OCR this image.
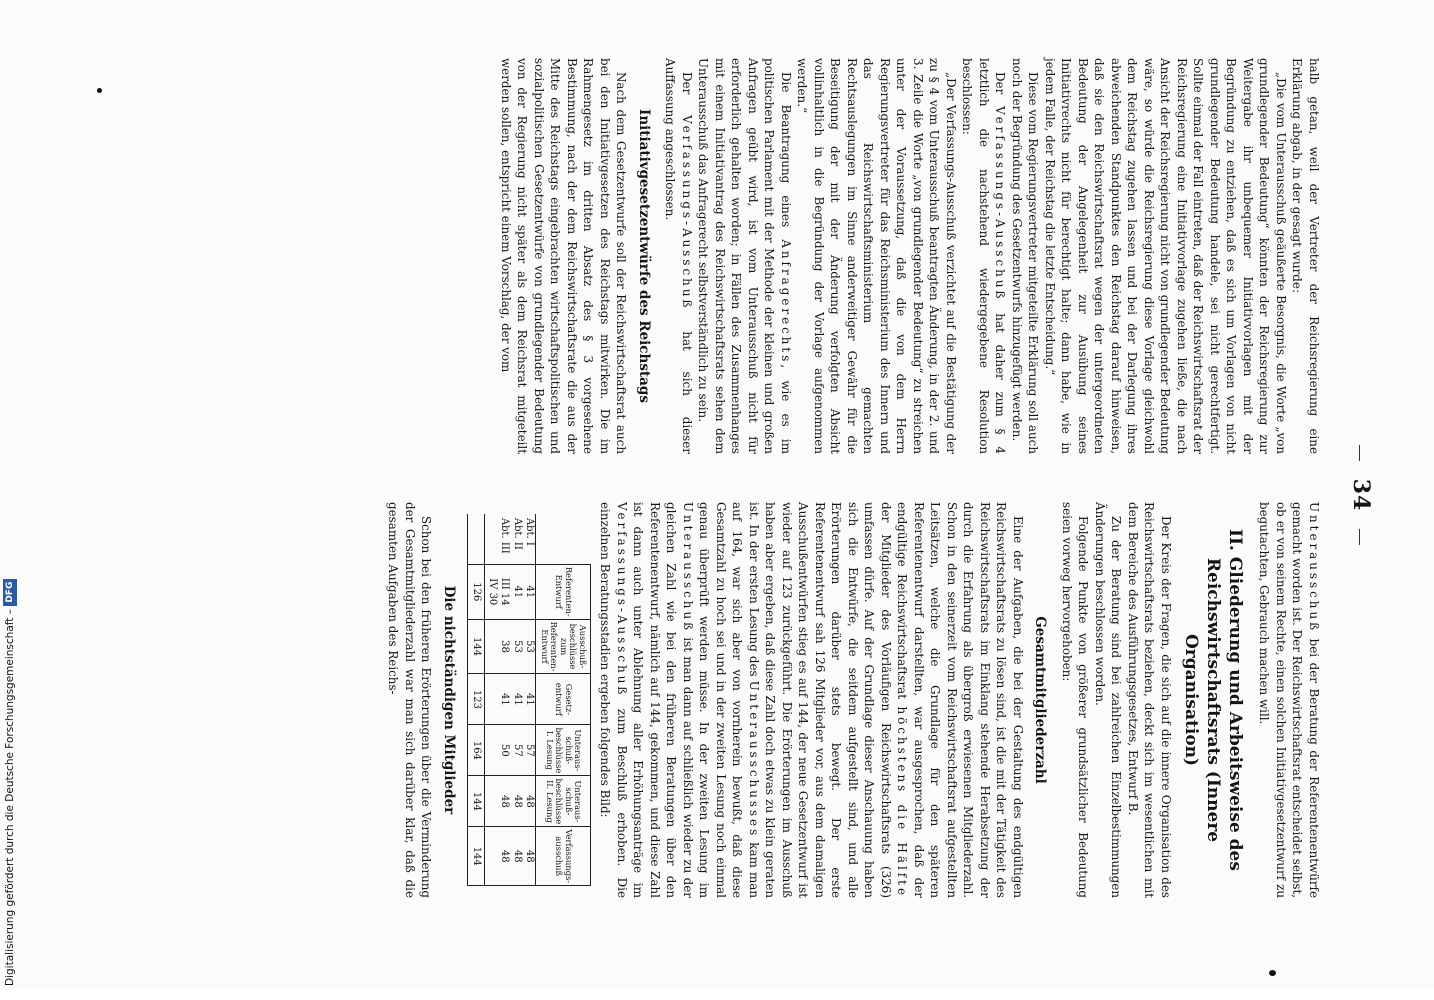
34

halb getan, weil der Vertreter der Reichsregierung eine Erklärung abgab, in der gesagt wurde:

„Die vom Unterausschuß geäußerte Besorgnis, die Worte „von grundlegender Bedeutung“ könnten der Reichsregierung zur Weitergabe ihr unbequemer Initiativvorlagen mit der Begründung zu entziehen, daß es sich um Vorlagen von nicht grundlegender Bedeutung handele, sei nicht gerechtfertigt. Sollte einmal der Fall eintreten, daß der Reichswirtschaftsrat der Reichsregierung eine Initiativvorlage zugehen ließe, die nach Ansicht der Reichsregierung nicht von grundlegender Bedeutung wäre, so würde die Reichsregierung diese Vorlage gleichwohl dem Reichstag zugehen lassen und bei der Darlegung ihres abweichenden Standpunktes den Reichstag darauf hinweisen, daß sie den Reichswirtschaftsrat wegen der untergeordneten Bedeutung der Angelegenheit zur Ausübung seines Initiativrechts nicht für berechtigt halte; dann habe, wie in jedem Falle, der Reichstag die letzte Entscheidung.“

Diese vom Regierungsvertreter mitgeteilte Erklärung soll auch noch der Begründung des Gesetzentwurfs hinzugefügt werden.

Der Verfassungs-Ausschuß hat daher zum § 4 letztlich die nachstehend wiedergegebene Resolution beschlossen:

„Der Verfassungs-Ausschuß verzichtet auf die Bestätigung der zu § 4 vom Unterausschuß beantragten Änderung, in der 2. und 3. Zeile die Worte „von grundlegender Bedeutung“ zu streichen unter der Voraussetzung, daß die von dem Herrn Regierungsvertreter für das Reichsministerium des Innern und das Reichswirtschaftsministerium gemachten Rechtsauslegungen im Sinne anderweitiger Gewähr für die Beseitigung der mit der Änderung verfolgten Absicht vollinhaltlich in die Begründung der Vorlage aufgenommen werden.“

Die Beantragung eines Anfragerechts, wie es im politischen Parlament mit der Methode der kleinen und großen Anfragen geübt wird, ist vom Unterausschuß nicht für erforderlich gehalten worden; in Fällen des Zusammenhanges mit einem Initiativantrag des Reichswirtschaftsrats sehen dem Unterausschuß das Anfragerecht selbstverständlich zu sein.

Der Verfassungs-Ausschuß hat sich dieser Auffassung angeschlossen.

Initiativgesetzentwürfe des Reichstags

Nach dem Gesetzentwurfe soll der Reichswirtschaftsrat auch bei den Initiativgesetzen des Reichstags mitwirken. Die im Rahmengesetz im dritten Absatz des § 3 vorgesehene Bestimmung, nach der dem Reichswirtschaftsrate die aus der Mitte des Reichstags eingebrachten wirtschaftspolitischen und sozialpolitischen Gesetzentwürfe von grundlegender Bedeutung von der Regierung nicht später als dem Reichsrat mitgeteilt werden sollen, entspricht einem Vorschlag, der vom

Unterausschuß bei der Beratung der Referentenentwürfe gemacht worden ist. Der Reichswirtschaftsrat entscheidet selbst, ob er von seinem Rechte, einen solchen Initiativgesetzentwurf zu begutachten, Gebrauch machen will.

II. Gliederung und Arbeitsweise des Reichswirtschaftsrats (Innere Organisation)

Der Kreis der Fragen, die sich auf die innere Organisation des Reichswirtschaftsrats beziehen, deckt sich im wesentlichen mit dem Bereiche des Ausführungsgesetzes, Entwurf B.

Zu der Beratung sind bei zahlreichen Einzelbestimmungen Änderungen beschlossen worden.

Folgende Punkte von größerer grundsätzlicher Bedeutung seien vorweg hervorgehoben:

Gesamtmitgliederzahl

Eine der Aufgaben, die bei der Gestaltung des endgültigen Reichswirtschaftsrats zu lösen sind, ist die mit der Tätigkeit des Reichswirtschaftsrats im Einklang stehende Herabsetzung der durch die Erfahrung als übergroß erwiesenen Mitgliederzahl. Schon in den seinerzeit vom Reichswirtschaftsrat aufgestellten Leitsätzen, welche die Grundlage für den späteren Referentenentwurf darstellten, war ausgesprochen, daß der endgültige Reichswirtschaftsrat höchstens die Hälfte der Mitglieder des Vorläufigen Reichswirtschaftsrats (326) umfassen dürfe. Auf der Grundlage dieser Anschauung haben sich die Entwürfe, die seitdem aufgestellt sind, und alle Erörterungen darüber stets bewegt. Der erste Referentenentwurf sah 126 Mitglieder vor, aus dem damaligen Ausschußentwürfen stieg es auf 144, der neue Gesetzentwurf ist wieder auf 123 zurückgeführt. Die Erörterungen im Ausschuß haben aber ergeben, daß diese Zahl doch etwas zu klein geraten ist. In der ersten Lesung des Unterausschusses kam man auf 164, war sich aber von vornherein bewußt, daß diese Gesamtzahl zu hoch sei und in der zweiten Lesung noch einmal genau überprüft werden müsse. In der zweiten Lesung im Unterausschuß ist man dann auf schließlich wieder zu der gleichen Zahl wie bei den früheren Beratungen über den Referentenentwurf, nämlich auf 144, gekommen, und diese Zahl ist dann auch unter Ablehnung aller Erhöhungsanträge im Verfassungs-Ausschuß zum Beschluß erhoben. Die einzelnen Beratungsstadien ergeben folgendes Bild:

	Referenten-Entwurf	Ausschuß-beschlüsse zum Referenten-Entwurf	Gesetz-entwurf	Unteraus-schuß-beschlüsse I. Lesung	Unteraus-schuß-beschlüsse II. Lesung	Verfassungs-ausschuß
Abt. I	41	53	41	57	48	48
Abt. II	41	53	41	57	48	48
Abt. III	III 14	38	41	50	48	48
	IV 30					
	126	144	123	164	144	144
Die nichtständigen Mitglieder

Schon bei den früheren Erörterungen über die Verminderung der Gesamtmitgliederzahl war man sich darüber klar, daß die gesamten Aufgaben des Reichs-

Digitalisierung gefördert durch die Deutsche Forschungsgemeinschaft – DFG
